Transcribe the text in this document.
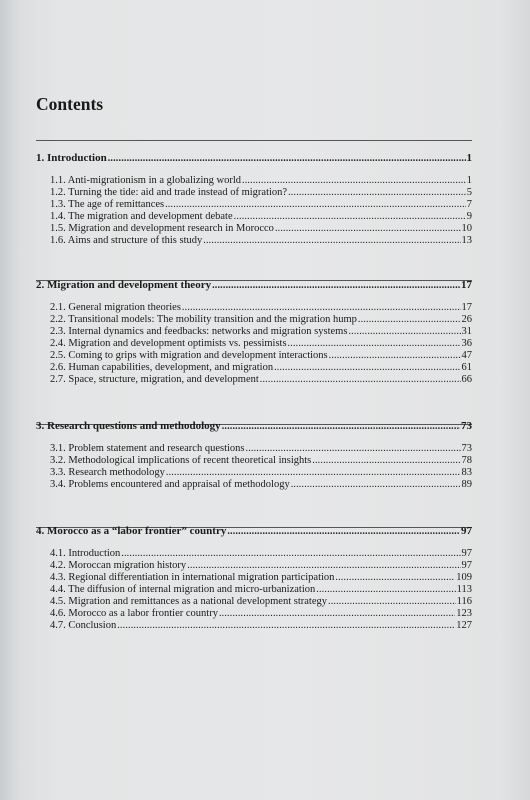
Contents
1. Introduction .....	1
1.1. Anti-migrationism in a globalizing world .....	1
1.2. Turning the tide: aid and trade instead of migration? .....	5
1.3. The age of remittances .....	7
1.4. The migration and development debate .....	9
1.5. Migration and development research in Morocco .....	10
1.6. Aims and structure of this study .....	13
2. Migration and development theory .....	17
2.1. General migration theories .....	17
2.2. Transitional models: The mobility transition and the migration hump .....	26
2.3. Internal dynamics and feedbacks: networks and migration systems .....	31
2.4. Migration and development optimists vs. pessimists .....	36
2.5. Coming to grips with migration and development interactions .....	47
2.6. Human capabilities, development, and migration .....	61
2.7. Space, structure, migration, and development .....	66
3. Research questions and methodology .....	73
3.1. Problem statement and research questions .....	73
3.2. Methodological implications of recent theoretical insights .....	78
3.3. Research methodology .....	83
3.4. Problems encountered and appraisal of methodology .....	89
4. Morocco as a “labor frontier” country .....	97
4.1. Introduction .....	97
4.2. Moroccan migration history .....	97
4.3. Regional differentiation in international migration participation .....	109
4.4. The diffusion of internal migration and micro-urbanization .....	113
4.5. Migration and remittances as a national development strategy .....	116
4.6. Morocco as a labor frontier country .....	123
4.7. Conclusion .....	127
